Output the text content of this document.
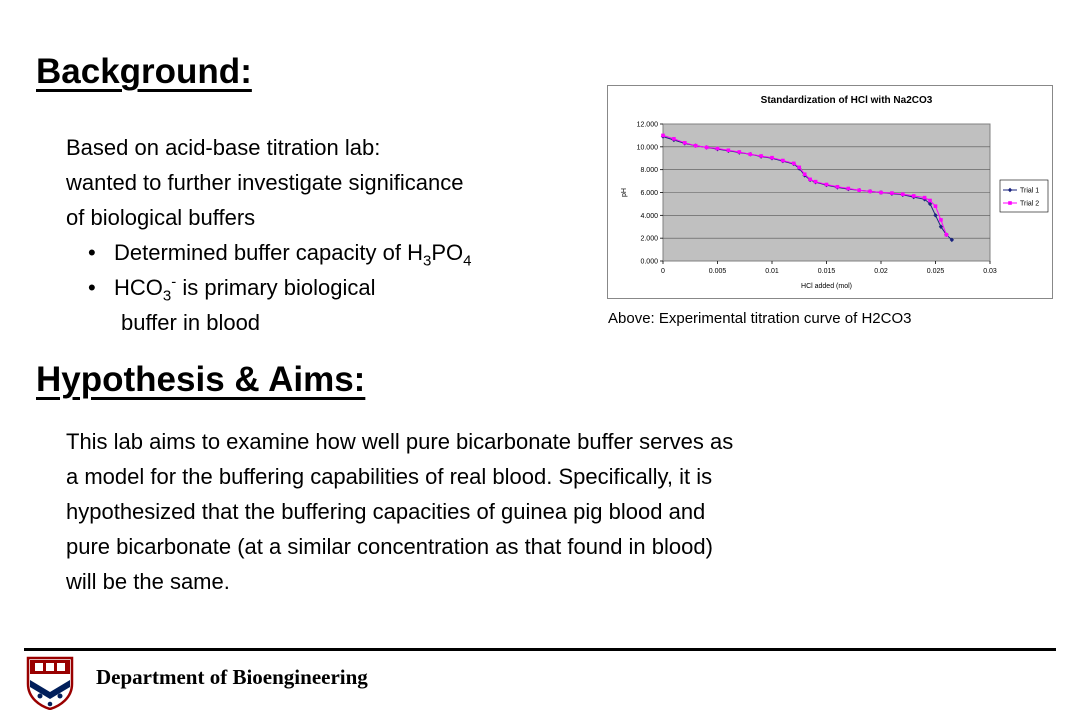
Background:
Based on acid-base titration lab:
wanted to further investigate significance
of biological buffers
• Determined buffer capacity of $H_3PO_4$
• $HCO_3^-$ is primary biological
buffer in blood
Standardization of HCl with Na2CO3
0.000
2.000
4.000
6.000
8.000
10.000
12.000
0	0.005	0.01	0.015	0.02	0.025	0.03
HCl added (mol)
pH	Trial 1
Trial 2
Above: Experimental titration curve of H2CO3
Hypothesis & Aims:
This lab aims to examine how well pure bicarbonate buffer serves as
a model for the buffering capabilities of real blood. Specifically, it is
hypothesized that the buffering capacities of guinea pig blood and
pure bicarbonate (at a similar concentration as that found in blood)
will be the same.
Department of Bioengineering
